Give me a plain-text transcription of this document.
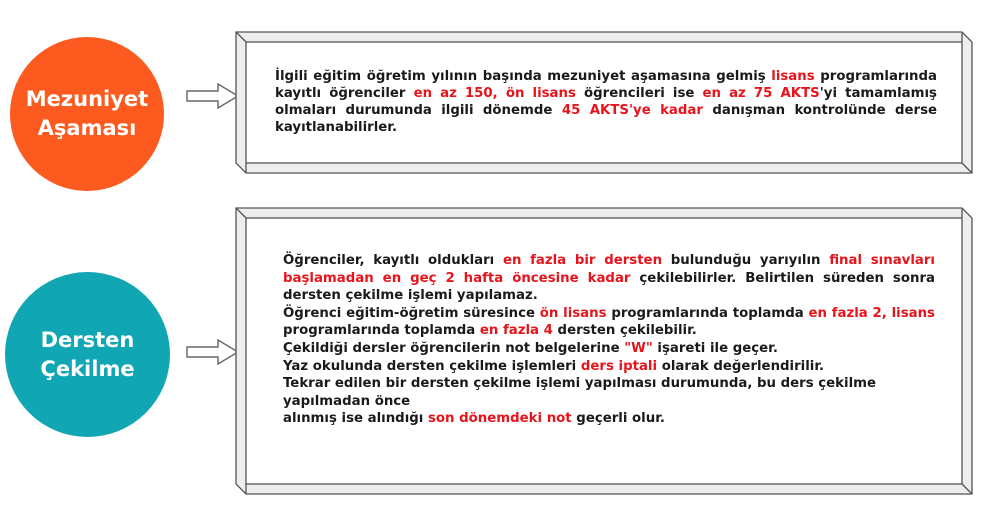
Mezuniyet
Aşaması

İlgili eğitim öğretim yılının başında mezuniyet aşamasına gelmiş lisans programlarında kayıtlı öğrenciler en az 150, ön lisans öğrencileri ise en az 75 AKTS'yi tamamlamış olmaları durumunda ilgili dönemde 45 AKTS'ye kadar danışman kontrolünde derse kayıtlanabilirler.

Dersten
Çekilme

Öğrenciler, kayıtlı oldukları en fazla bir dersten bulunduğu yarıyılın final sınavları başlamadan en geç 2 hafta öncesine kadar çekilebilirler. Belirtilen süreden sonra dersten çekilme işlemi yapılamaz.

Öğrenci eğitim-öğretim süresince ön lisans programlarında toplamda en fazla 2, lisans programlarında toplamda en fazla 4 dersten çekilebilir.

Çekildiği dersler öğrencilerin not belgelerine "W" işareti ile geçer.

Yaz okulunda dersten çekilme işlemleri ders iptali olarak değerlendirilir.

Tekrar edilen bir dersten çekilme işlemi yapılması durumunda, bu ders çekilme yapılmadan önce

alınmış ise alındığı son dönemdeki not geçerli olur.
